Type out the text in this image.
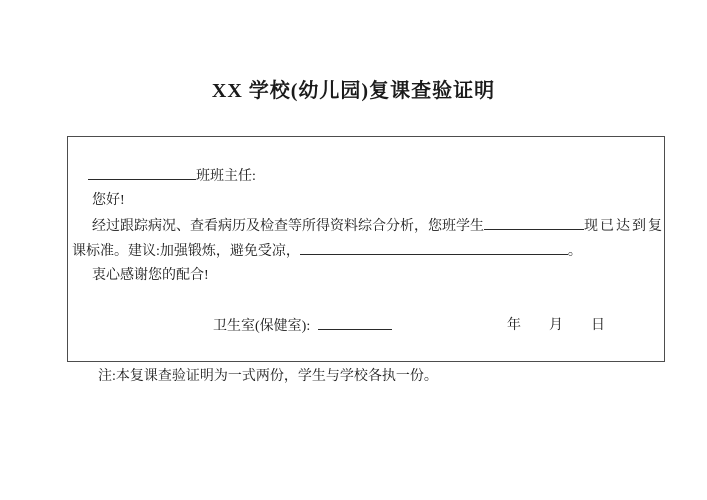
XX 学校(幼儿园)复课查验证明
班班主任:
您好!
经过跟踪病况、查看病历及检查等所得资料综合分析，您班学生	现已达到复
课标准。建议:加强锻炼，避免受凉，	。
衷心感谢您的配合!
卫生室(保健室):	年 月 日
注:本复课查验证明为一式两份，学生与学校各执一份。
